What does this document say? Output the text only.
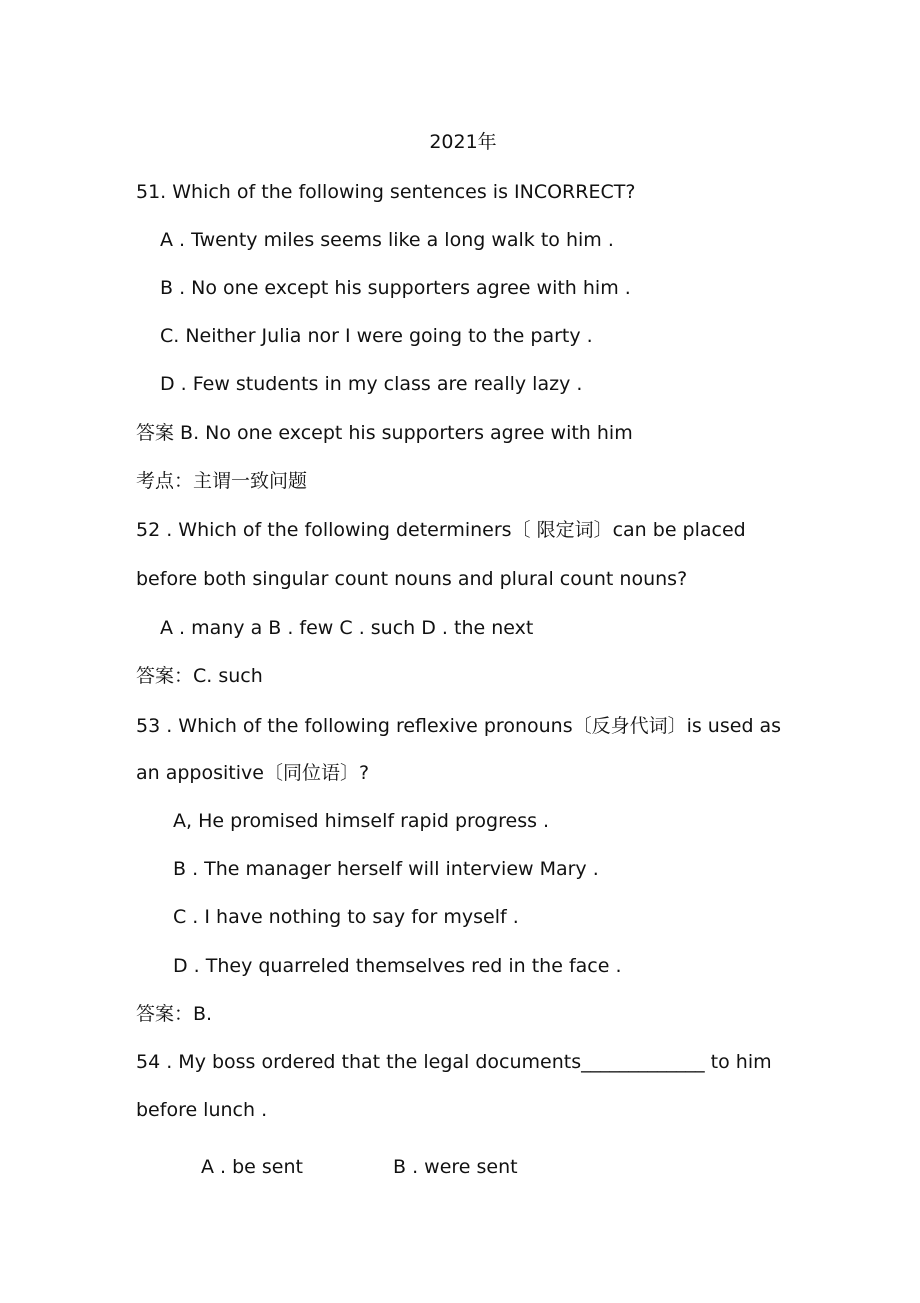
2021年
51. Which of the following sentences is INCORRECT?
A . Twenty miles seems like a long walk to him .
B . No one except his supporters agree with him .
C. Neither Julia nor I were going to the party .
D . Few students in my class are really lazy .
答案 B. No one except his supporters agree with him
考点：主谓一致问题
52 . Which of the following determiners〔 限定词〕can be placed
before both singular count nouns and plural count nouns?
A . many a B . few C . such D . the next
答案：C. such
53 . Which of the following reflexive pronouns〔反身代词〕is used as
an appositive〔同位语〕?
A, He promised himself rapid progress .
B . The manager herself will interview Mary .
C . I have nothing to say for myself .
D . They quarreled themselves red in the face .
答案：B.
54 . My boss ordered that the legal documents_____________ to him
before lunch .
A . be sent	B . were sent
